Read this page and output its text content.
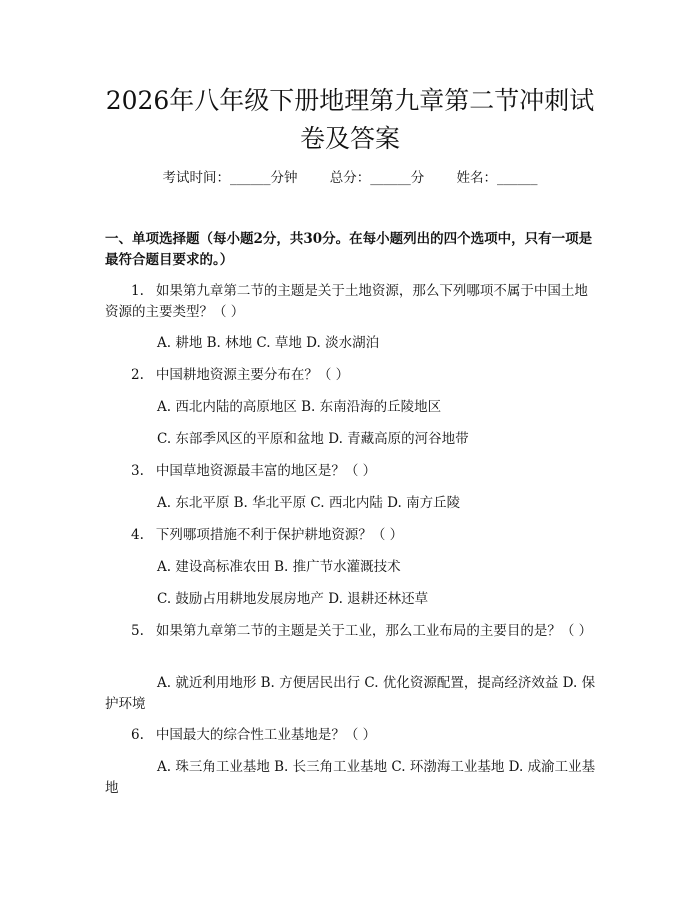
2026年八年级下册地理第九章第二节冲刺试
卷及答案
考试时间：______分钟 总分：______分 姓名：______
一、单项选择题（每小题2分，共30分。在每小题列出的四个选项中，只有一项是最符合题目要求的。）
1. 如果第九章第二节的主题是关于土地资源，那么下列哪项不属于中国土地资源的主要类型？（ ）
A. 耕地 B. 林地 C. 草地 D. 淡水湖泊
2. 中国耕地资源主要分布在？（ ）
A. 西北内陆的高原地区 B. 东南沿海的丘陵地区
C. 东部季风区的平原和盆地 D. 青藏高原的河谷地带
3. 中国草地资源最丰富的地区是？（ ）
A. 东北平原 B. 华北平原 C. 西北内陆 D. 南方丘陵
4. 下列哪项措施不利于保护耕地资源？（ ）
A. 建设高标准农田 B. 推广节水灌溉技术
C. 鼓励占用耕地发展房地产 D. 退耕还林还草
5. 如果第九章第二节的主题是关于工业，那么工业布局的主要目的是？（ ）
A. 就近利用地形 B. 方便居民出行 C. 优化资源配置，提高经济效益 D. 保护环境
6. 中国最大的综合性工业基地是？（ ）
A. 珠三角工业基地 B. 长三角工业基地 C. 环渤海工业基地 D. 成渝工业基地
